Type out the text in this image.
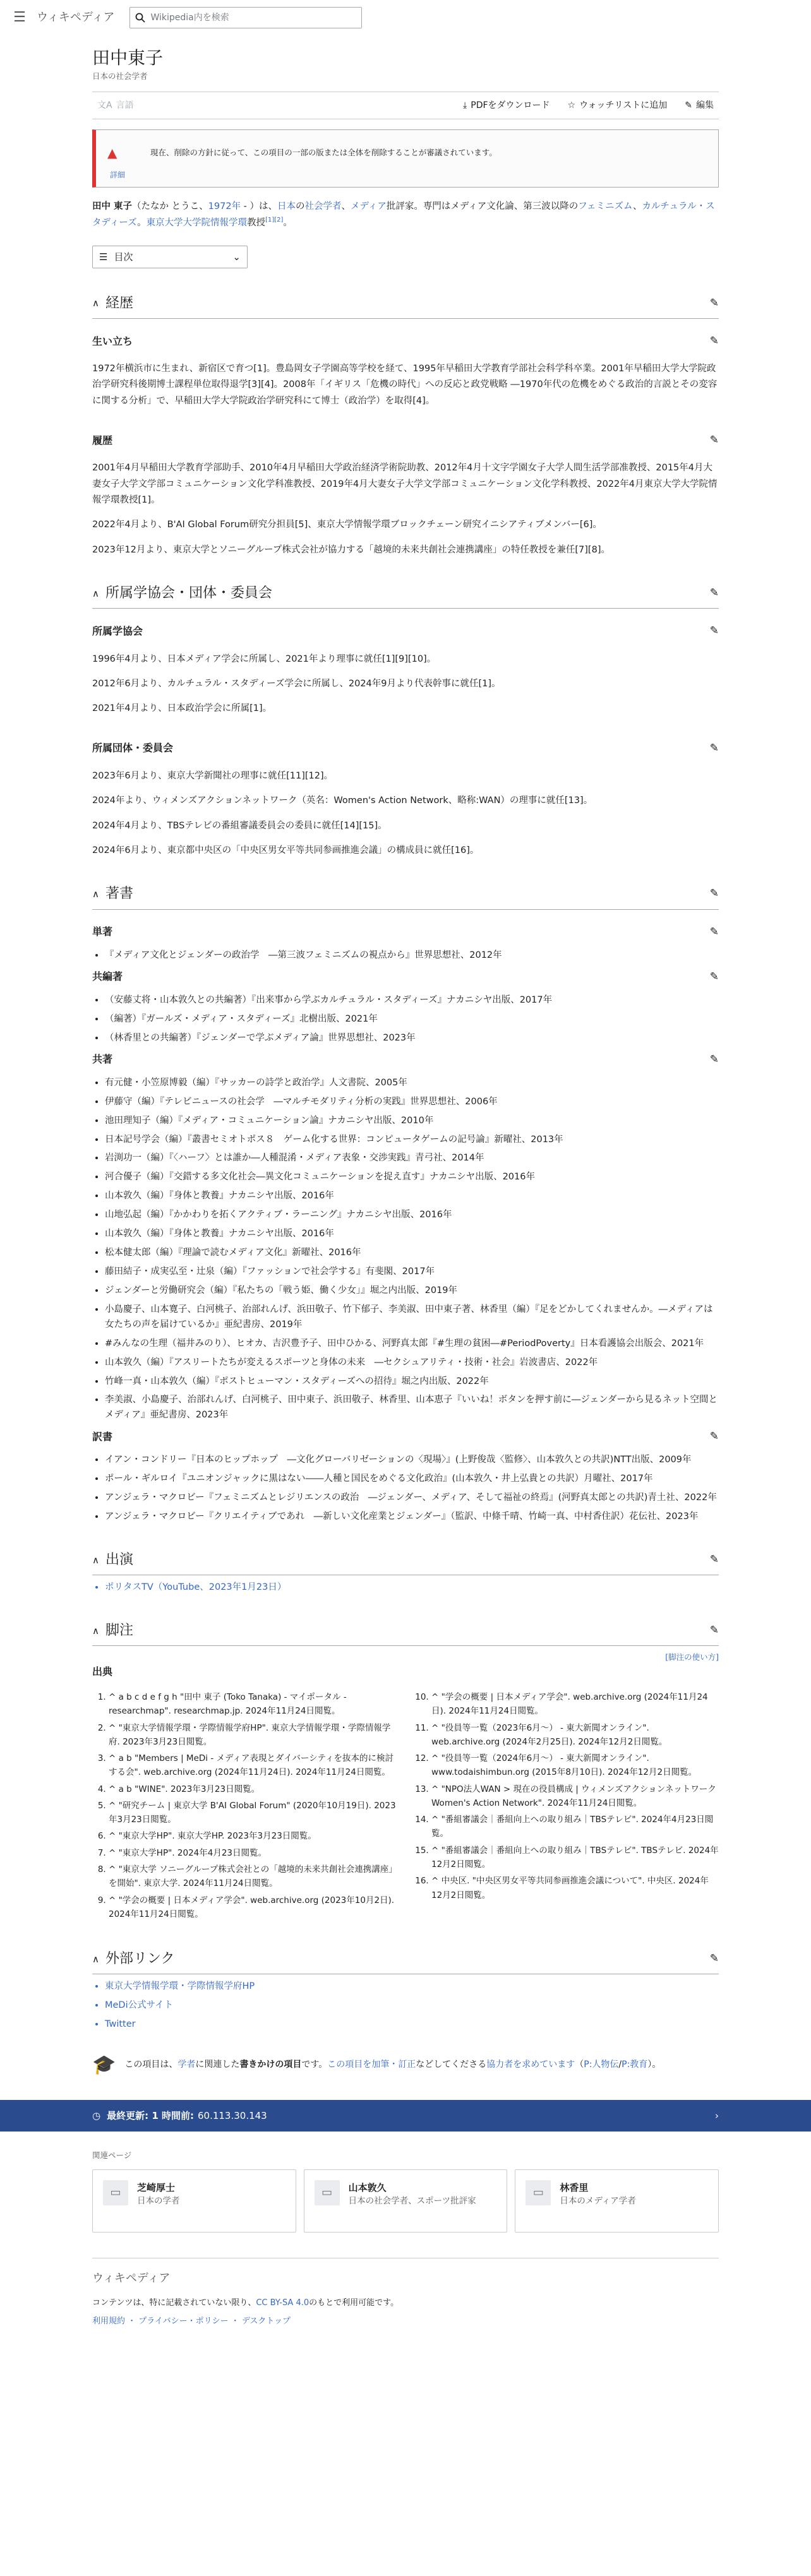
☰ ウィキペディア	Wikipedia内を検索
田中東子
日本の社会学者
文A 言語	⤓ PDFをダウンロード ☆ ウォッチリストに追加 ✎ 編集
▲	現在、削除の方針に従って、この項目の一部の版または全体を削除することが審議されています。
詳細

田中 東子（たなか とうこ、1972年 - ）は、日本の社会学者、メディア批評家。専門はメディア文化論、第三波以降のフェミニズム、カルチュラル・スタディーズ。東京大学大学院情報学環教授[1][2]。

☰ 目次	⌄
∧ 経歴	✎
生い立ち	✎

1972年横浜市に生まれ、新宿区で育つ[1]。豊島岡女子学園高等学校を経て、1995年早稲田大学教育学部社会科学科卒業。2001年早稲田大学大学院政治学研究科後期博士課程単位取得退学[3][4]。2008年「イギリス「危機の時代」への反応と政党戦略 ―1970年代の危機をめぐる政治的言説とその変容に関する分析」で、早稲田大学大学院政治学研究科にて博士（政治学）を取得[4]。

履歴	✎

2001年4月早稲田大学教育学部助手、2010年4月早稲田大学政治経済学術院助教、2012年4月十文字学園女子大学人間生活学部准教授、2015年4月大妻女子大学文学部コミュニケーション文化学科准教授、2019年4月大妻女子大学文学部コミュニケーション文化学科教授、2022年4月東京大学大学院情報学環教授[1]。

2022年4月より、B'AI Global Forum研究分担員[5]、東京大学情報学環ブロックチェーン研究イニシアティブメンバー[6]。

2023年12月より、東京大学とソニーグループ株式会社が協力する「越境的未来共創社会連携講座」の特任教授を兼任[7][8]。

∧ 所属学協会・団体・委員会	✎
所属学協会	✎

1996年4月より、日本メディア学会に所属し、2021年より理事に就任[1][9][10]。

2012年6月より、カルチュラル・スタディーズ学会に所属し、2024年9月より代表幹事に就任[1]。

2021年4月より、日本政治学会に所属[1]。

所属団体・委員会	✎

2023年6月より、東京大学新聞社の理事に就任[11][12]。

2024年より、ウィメンズアクションネットワーク（英名：Women's Action Network、略称:WAN）の理事に就任[13]。

2024年4月より、TBSテレビの番組審議委員会の委員に就任[14][15]。

2024年6月より、東京都中央区の「中央区男女平等共同参画推進会議」の構成員に就任[16]。

∧ 著書	✎
単著	✎
• 『メディア文化とジェンダーの政治学　―第三波フェミニズムの視点から』世界思想社、2012年
共編著	✎
• （安藤丈将・山本敦久との共編著）『出来事から学ぶカルチュラル・スタディーズ』ナカニシヤ出版、2017年
• （編著）『ガールズ・メディア・スタディーズ』北樹出版、2021年
• （林香里との共編著）『ジェンダーで学ぶメディア論』世界思想社、2023年
共著	✎
• 有元健・小笠原博毅（編）『サッカーの詩学と政治学』人文書院、2005年
• 伊藤守（編）『テレビニュースの社会学　―マルチモダリティ分析の実践』世界思想社、2006年
• 池田理知子（編）『メディア・コミュニケーション論』ナカニシヤ出版、2010年
• 日本記号学会（編）『叢書セミオトポス８　ゲーム化する世界：コンピュータゲームの記号論』新曜社、2013年
• 岩渕功一（編）『〈ハーフ〉とは誰か―人種混淆・メディア表象・交渉実践』青弓社、2014年
• 河合優子（編）『交錯する多文化社会―異文化コミュニケーションを捉え直す』ナカニシヤ出版、2016年
• 山本敦久（編）『身体と教養』ナカニシヤ出版、2016年
• 山地弘起（編）『かかわりを拓くアクティブ・ラーニング』ナカニシヤ出版、2016年
• 山本敦久（編）『身体と教養』ナカニシヤ出版、2016年
• 松本健太郎（編）『理論で読むメディア文化』新曜社、2016年
• 藤田結子・成実弘至・辻泉（編）『ファッションで社会学する』有斐閣、2017年
• ジェンダーと労働研究会（編）『私たちの「戦う姫、働く少女」』堀之内出版、2019年
• 小島慶子、山本寛子、白河桃子、治部れんげ、浜田敬子、竹下郁子、李美淑、田中東子著、林香里（編）『足をどかしてくれませんか。―メディアは女たちの声を届けているか』亜紀書房、2019年
• #みんなの生理（福井みのり）、ヒオカ、吉沢豊予子、田中ひかる、河野真太郎『#生理の貧困―#PeriodPoverty』日本看護協会出版会、2021年
• 山本敦久（編）『アスリートたちが変えるスポーツと身体の未来　―セクシュアリティ・技術・社会』岩波書店、2022年
• 竹峰一真・山本敦久（編）『ポストヒューマン・スタディーズへの招待』堀之内出版、2022年
• 李美淑、小島慶子、治部れんげ、白河桃子、田中東子、浜田敬子、林香里、山本恵子『いいね！ボタンを押す前に―ジェンダーから見るネット空間とメディア』亜紀書房、2023年
訳書	✎
• イアン・コンドリー『日本のヒップホップ　―文化グローバリゼーションの〈現場〉』(上野俊哉〈監修〉、山本敦久との共訳)NTT出版、2009年
• ポール・ギルロイ『ユニオンジャックに黒はない――人種と国民をめぐる文化政治』(山本敦久・井上弘貴との共訳）月曜社、2017年
• アンジェラ・マクロビー『フェミニズムとレジリエンスの政治　―ジェンダー、メディア、そして福祉の終焉』(河野真太郎との共訳)青土社、2022年
• アンジェラ・マクロビー『クリエイティブであれ　―新しい文化産業とジェンダー』（監訳、中條千晴、竹崎一真、中村香住訳）花伝社、2023年
∧ 出演	✎
• ポリタスTV（YouTube、2023年1月23日）
∧ 脚注	✎
[脚注の使い方]
出典
1. ^ a b c d e f g h "田中 東子 (Toko Tanaka) - マイポータル - researchmap". researchmap.jp. 2024年11月24日閲覧。
2. ^ "東京大学情報学環・学際情報学府HP". 東京大学情報学環・学際情報学府. 2023年3月23日閲覧。
3. ^ a b "Members | MeDi - メディア表現とダイバーシティを抜本的に検討する会". web.archive.org (2024年11月24日). 2024年11月24日閲覧。
4. ^ a b "WINE". 2023年3月23日閲覧。
5. ^ "研究チーム | 東京大学 B'AI Global Forum" (2020年10月19日). 2023年3月23日閲覧。
6. ^ "東京大学HP". 東京大学HP. 2023年3月23日閲覧。
7. ^ "東京大学HP". 2024年4月23日閲覧。
8. ^ "東京大学 ソニーグループ株式会社との「越境的未来共創社会連携講座」を開始". 東京大学. 2024年11月24日閲覧。
9. ^ "学会の概要 | 日本メディア学会". web.archive.org (2023年10月2日). 2024年11月24日閲覧。
10. ^ "学会の概要 | 日本メディア学会". web.archive.org (2024年11月24日). 2024年11月24日閲覧。
11. ^ "役員等一覧（2023年6月～） - 東大新聞オンライン". web.archive.org (2024年2月25日). 2024年12月2日閲覧。
12. ^ "役員等一覧（2024年6月～） - 東大新聞オンライン". www.todaishimbun.org (2015年8月10日). 2024年12月2日閲覧。
13. ^ "NPO法人WAN > 現在の役員構成 | ウィメンズアクションネットワーク Women's Action Network". 2024年11月24日閲覧。
14. ^ "番組審議会｜番組向上への取り組み｜TBSテレビ". 2024年4月23日閲覧。
15. ^ "番組審議会｜番組向上への取り組み｜TBSテレビ". TBSテレビ. 2024年12月2日閲覧。
16. ^ 中央区. "中央区男女平等共同参画推進会議について". 中央区. 2024年12月2日閲覧。
∧ 外部リンク	✎
• 東京大学情報学環・学際情報学府HP
• MeDi公式サイト
• Twitter
🎓 この項目は、学者に関連した書きかけの項目です。この項目を加筆・訂正などしてくださる協力者を求めています（P:人物伝/P:教育）。
◷ 最終更新: 1 時間前: 60.113.30.143	›
関連ページ
▭	芝崎厚士
日本の学者
▭	山本敦久
日本の社会学者、スポーツ批評家
▭	林香里
日本のメディア学者
ウィキペディア
コンテンツは、特に記載されていない限り、CC BY-SA 4.0のもとで利用可能です。
利用規約 ・ プライバシー・ポリシー ・ デスクトップ
